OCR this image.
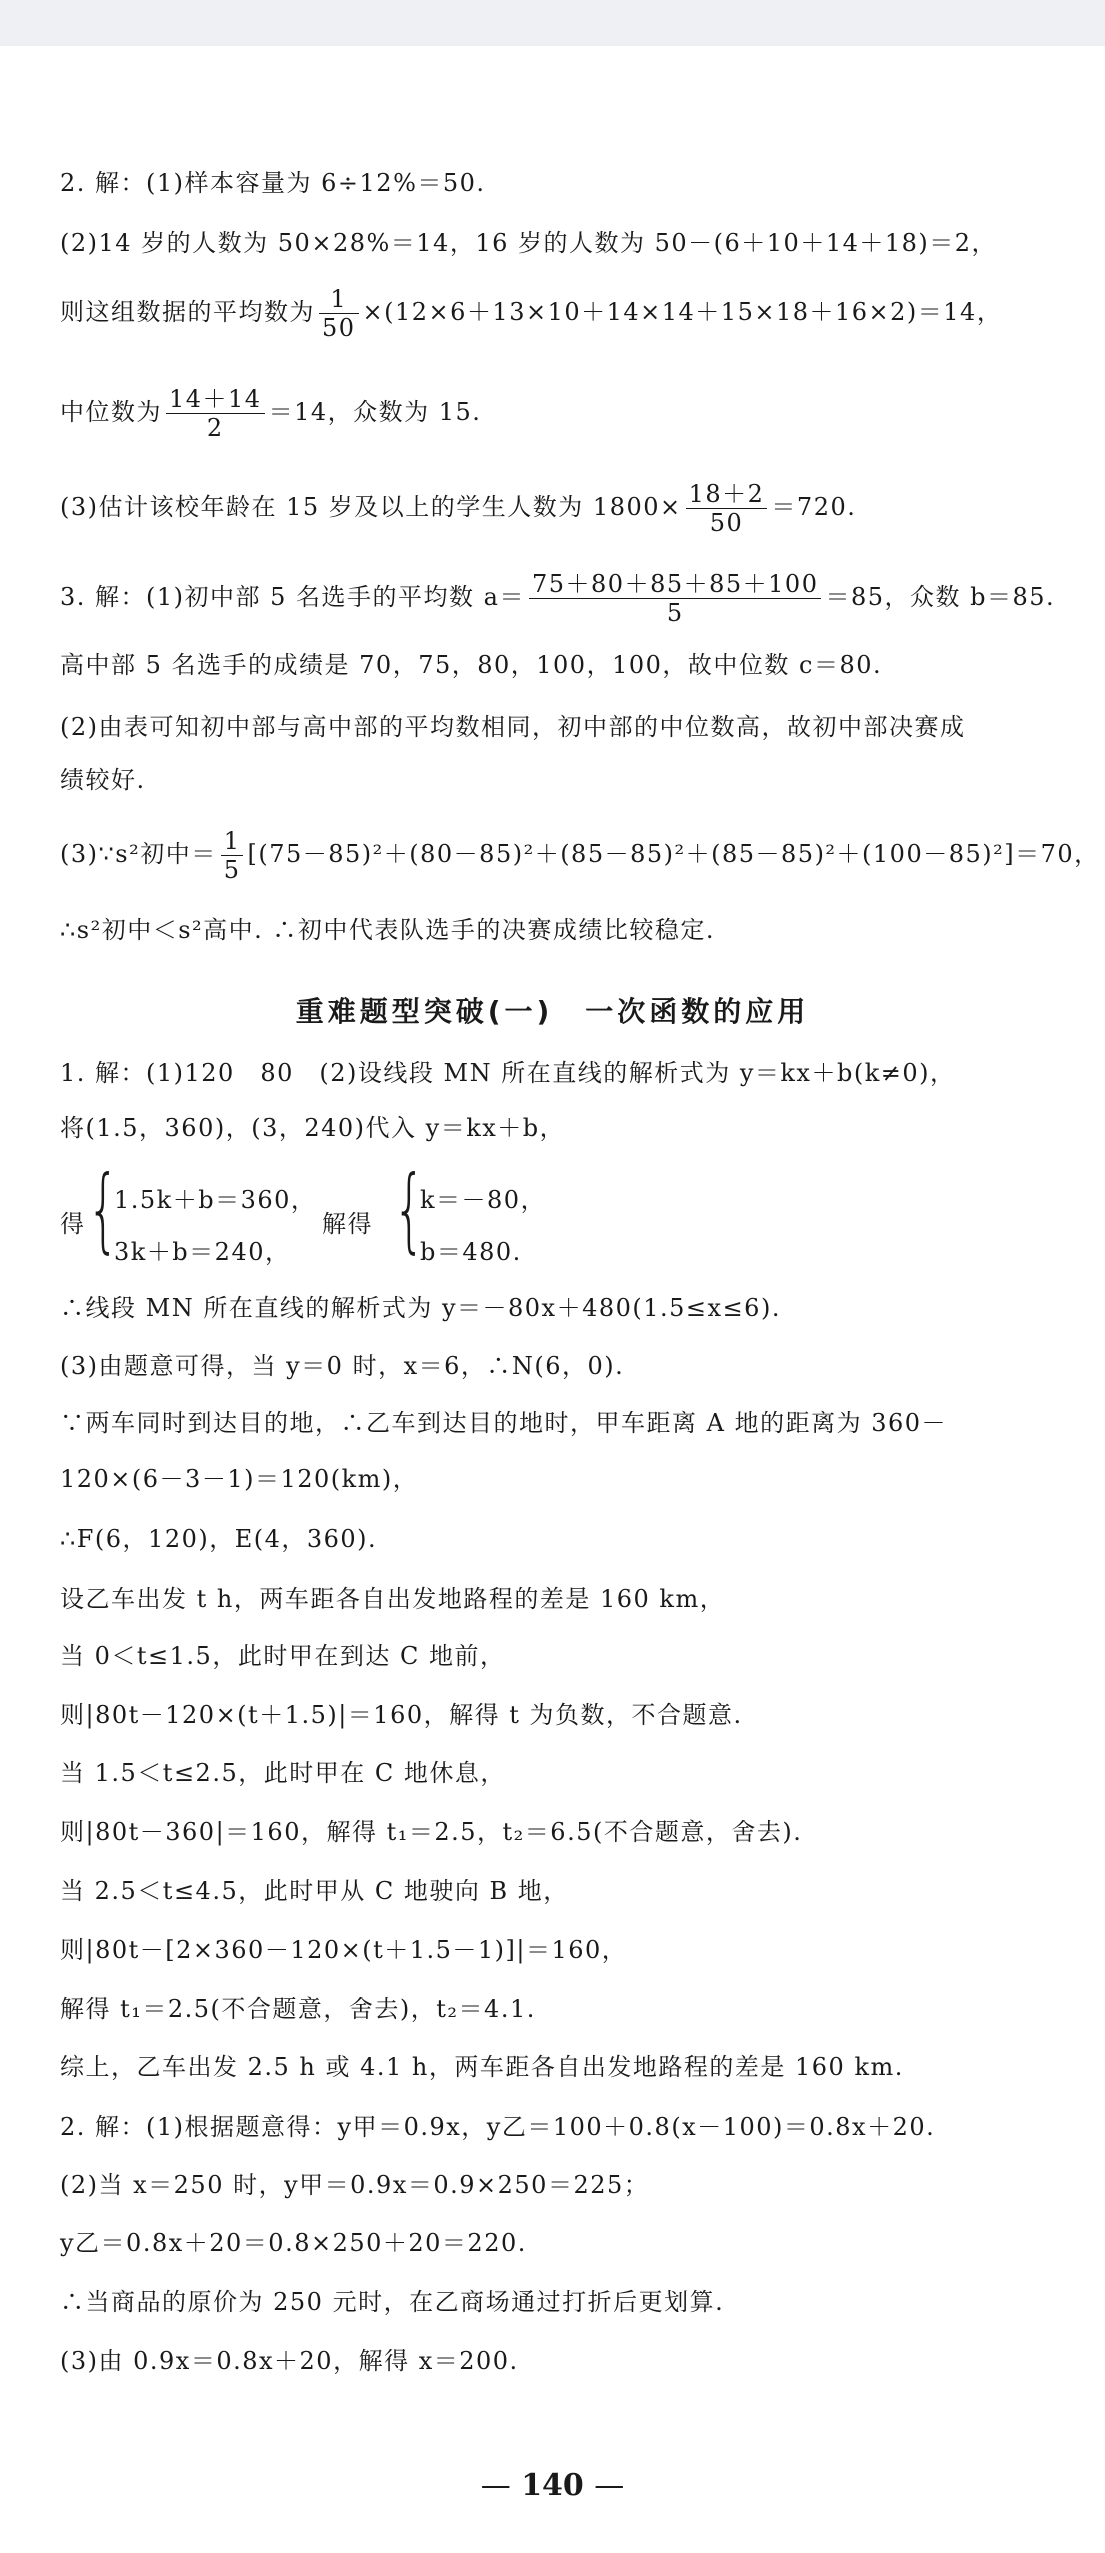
2. 解：(1)样本容量为 6÷12%＝50.
(2)14 岁的人数为 50×28%＝14，16 岁的人数为 50－(6＋10＋14＋18)＝2，
则这组数据的平均数为 $\frac{1}{50} \times(12\times 6+13\times 10+14\times 14+15\times 18+16\times 2)=14$，
中位数为 $\frac{14+14}{2} =14$，众数为 15.
(3)估计该校年龄在 15 岁及以上的学生人数为 $1800\times \frac{18+2}{50} =720$.
3. 解：(1)初中部 5 名选手的平均数 $a= \frac{75+80+85+85+100}{5} =85$，众数 b＝85.
高中部 5 名选手的成绩是 70，75，80，100，100，故中位数 c＝80.
(2)由表可知初中部与高中部的平均数相同，初中部的中位数高，故初中部决赛成
绩较好.
(3)∵s²初中＝ $\frac{1}{5} [(75-85)^2+(80-85)^2+(85-85)^2+(85-85)^2+(100-85)^2]=70$，
∴s²初中＜s²高中. ∴初中代表队选手的决赛成绩比较稳定.
重难题型突破(一)　一次函数的应用
1. 解：(1)120　80　(2)设线段 MN 所在直线的解析式为 y＝kx＋b(k≠0)，
将(1.5，360)，(3，240)代入 y＝kx＋b，
得 {
1.5k＋b＝360，
3k＋b＝240，
解得 {
k＝－80，
b＝480.
∴线段 MN 所在直线的解析式为 y＝－80x＋480(1.5≤x≤6).
(3)由题意可得，当 y＝0 时，x＝6，∴N(6，0).
∵两车同时到达目的地，∴乙车到达目的地时，甲车距离 A 地的距离为 360－
120×(6－3－1)＝120(km)，
∴F(6，120)，E(4，360).
设乙车出发 t h，两车距各自出发地路程的差是 160 km，
当 0＜t≤1.5，此时甲在到达 C 地前，
则|80t－120×(t＋1.5)|＝160，解得 t 为负数，不合题意.
当 1.5＜t≤2.5，此时甲在 C 地休息，
则|80t－360|＝160，解得 t₁＝2.5，t₂＝6.5(不合题意，舍去).
当 2.5＜t≤4.5，此时甲从 C 地驶向 B 地，
则|80t－[2×360－120×(t＋1.5－1)]|＝160，
解得 t₁＝2.5(不合题意，舍去)，t₂＝4.1.
综上，乙车出发 2.5 h 或 4.1 h，两车距各自出发地路程的差是 160 km.
2. 解：(1)根据题意得：y甲＝0.9x，y乙＝100＋0.8(x－100)＝0.8x＋20.
(2)当 x＝250 时，y甲＝0.9x＝0.9×250＝225；
y乙＝0.8x＋20＝0.8×250＋20＝220.
∴当商品的原价为 250 元时，在乙商场通过打折后更划算.
(3)由 0.9x＝0.8x＋20，解得 x＝200.
— 140 —
